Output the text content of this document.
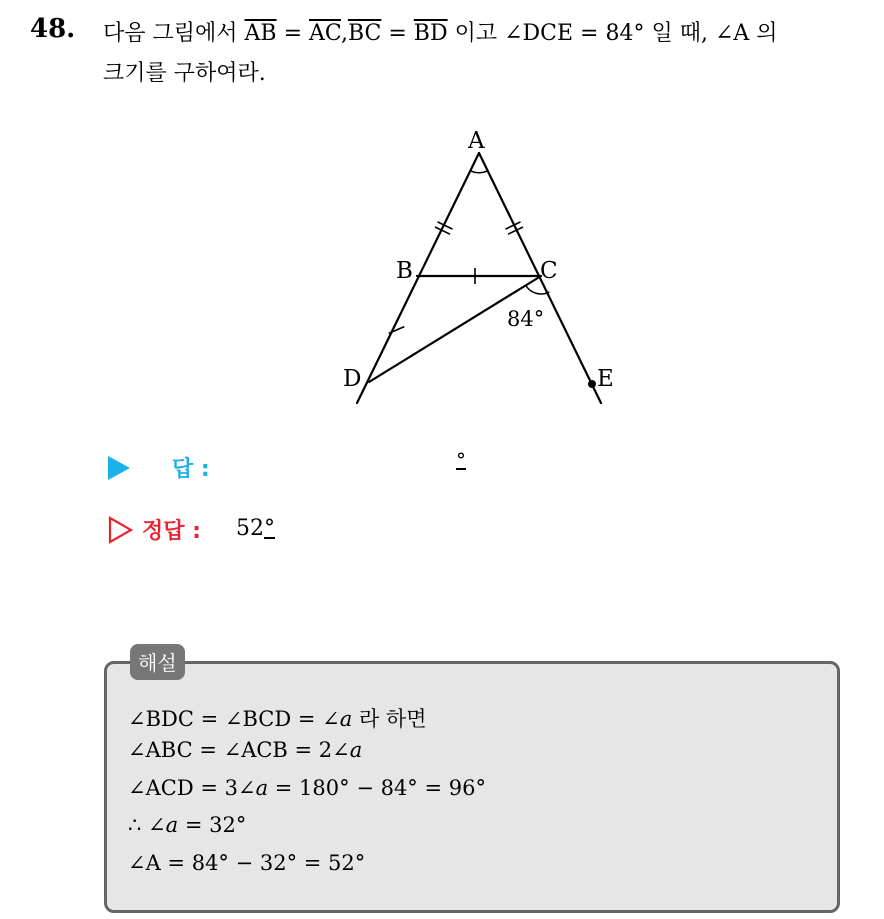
48. 다음 그림에서 $\overline{AB} = \overline{AC},\overline{BC} = \overline{BD}$ 이고 ∠DCE = 84° 일 때, ∠A 의
크기를 구하여라.
A
B	C
D	E
84°
답 :	°
정답 : 52°
해설
∠BDC = ∠BCD = ∠a 라 하면
∠ABC = ∠ACB = 2∠a
∠ACD = 3∠a = 180° − 84° = 96°
∴ ∠a = 32°
∠A = 84° − 32° = 52°
